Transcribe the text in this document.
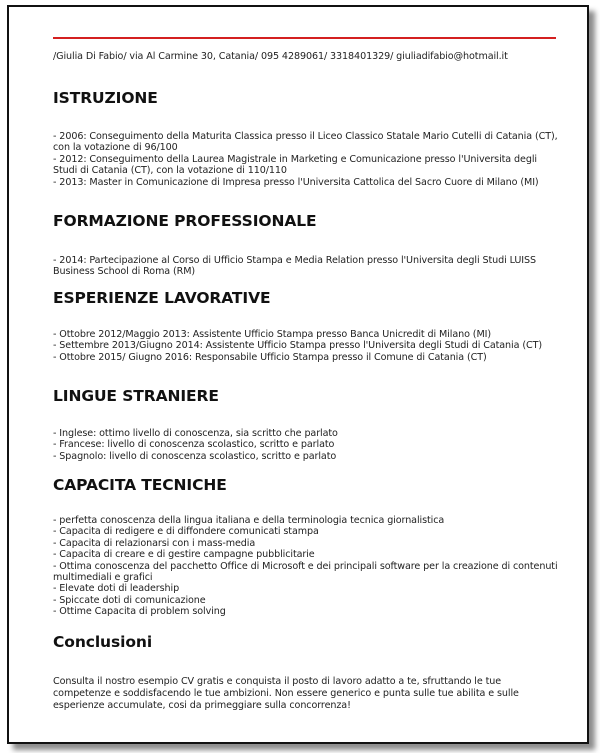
/Giulia Di Fabio/ via Al Carmine 30, Catania/ 095 4289061/ 3318401329/ giuliadifabio@hotmail.it
ISTRUZIONE
- 2006: Conseguimento della Maturita Classica presso il Liceo Classico Statale Mario Cutelli di Catania (CT), con la votazione di 96/100
- 2012: Conseguimento della Laurea Magistrale in Marketing e Comunicazione presso l'Universita degli Studi di Catania (CT), con la votazione di 110/110
- 2013: Master in Comunicazione di Impresa presso l'Universita Cattolica del Sacro Cuore di Milano (MI)
FORMAZIONE PROFESSIONALE
- 2014: Partecipazione al Corso di Ufficio Stampa e Media Relation presso l'Universita degli Studi LUISS Business School di Roma (RM)
ESPERIENZE LAVORATIVE
- Ottobre 2012/Maggio 2013: Assistente Ufficio Stampa presso Banca Unicredit di Milano (MI)
- Settembre 2013/Giugno 2014: Assistente Ufficio Stampa presso l'Universita degli Studi di Catania (CT)
- Ottobre 2015/ Giugno 2016: Responsabile Ufficio Stampa presso il Comune di Catania (CT)
LINGUE STRANIERE
- Inglese: ottimo livello di conoscenza, sia scritto che parlato
- Francese: livello di conoscenza scolastico, scritto e parlato
- Spagnolo: livello di conoscenza scolastico, scritto e parlato
CAPACITA TECNICHE
- perfetta conoscenza della lingua italiana e della terminologia tecnica giornalistica
- Capacita di redigere e di diffondere comunicati stampa
- Capacita di relazionarsi con i mass-media
- Capacita di creare e di gestire campagne pubblicitarie
- Ottima conoscenza del pacchetto Office di Microsoft e dei principali software per la creazione di contenuti multimediali e grafici
- Elevate doti di leadership
- Spiccate doti di comunicazione
- Ottime Capacita di problem solving
Conclusioni

Consulta il nostro esempio CV gratis e conquista il posto di lavoro adatto a te, sfruttando le tue competenze e soddisfacendo le tue ambizioni. Non essere generico e punta sulle tue abilita e sulle esperienze accumulate, cosi da primeggiare sulla concorrenza!
